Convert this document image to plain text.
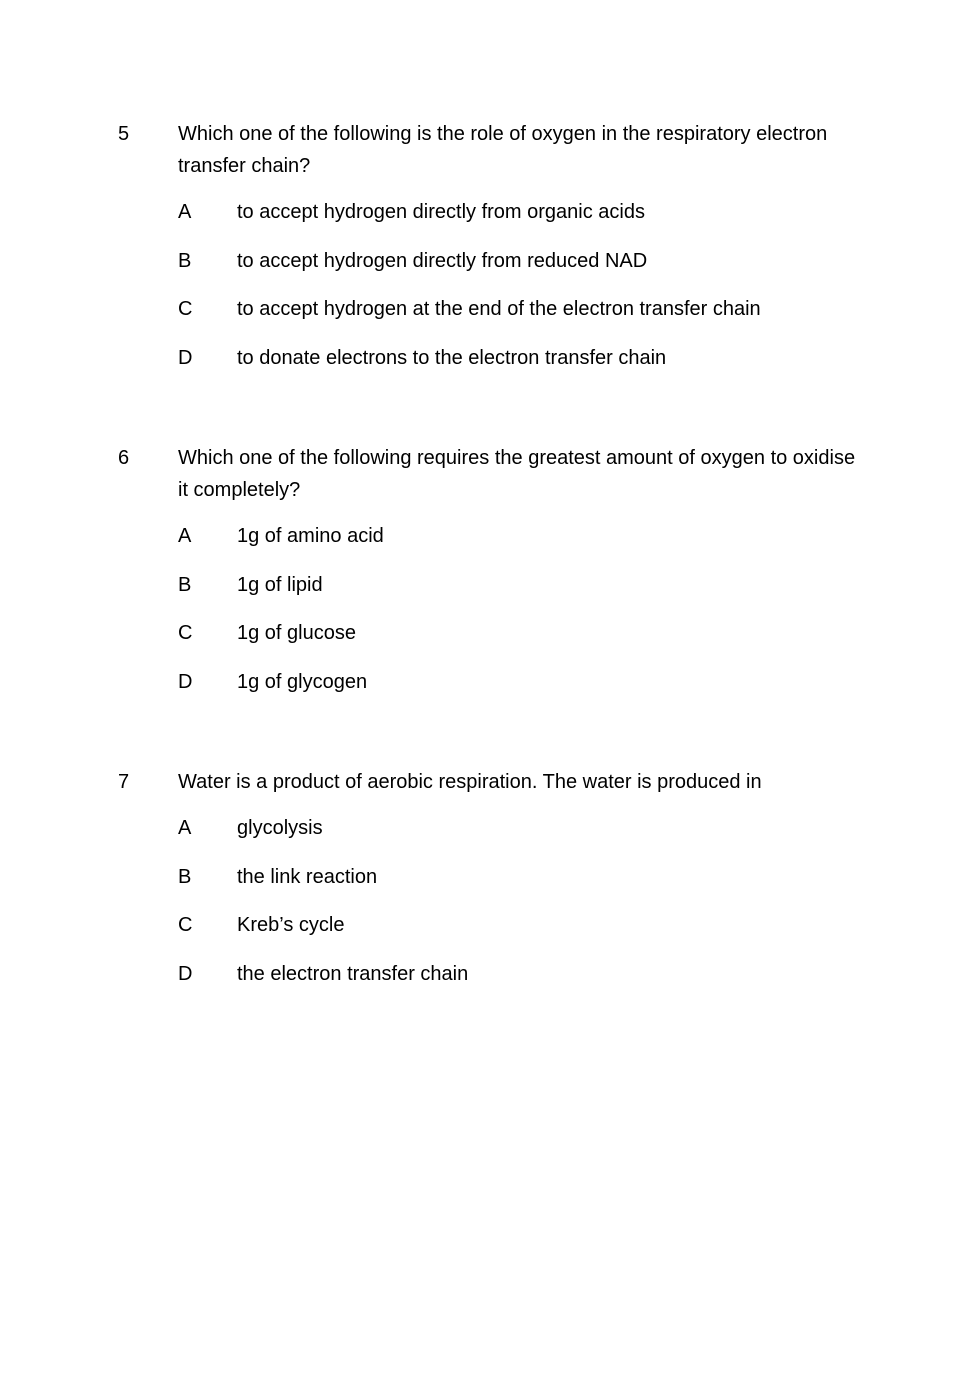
5	Which one of the following is the role of oxygen in the respiratory electron transfer chain?
A	to accept hydrogen directly from organic acids
B	to accept hydrogen directly from reduced NAD
C	to accept hydrogen at the end of the electron transfer chain
D	to donate electrons to the electron transfer chain
6	Which one of the following requires the greatest amount of oxygen to oxidise it completely?
A	1g of amino acid
B	1g of lipid
C	1g of glucose
D	1g of glycogen
7	Water is a product of aerobic respiration. The water is produced in
A	glycolysis
B	the link reaction
C	Kreb’s cycle
D	the electron transfer chain
